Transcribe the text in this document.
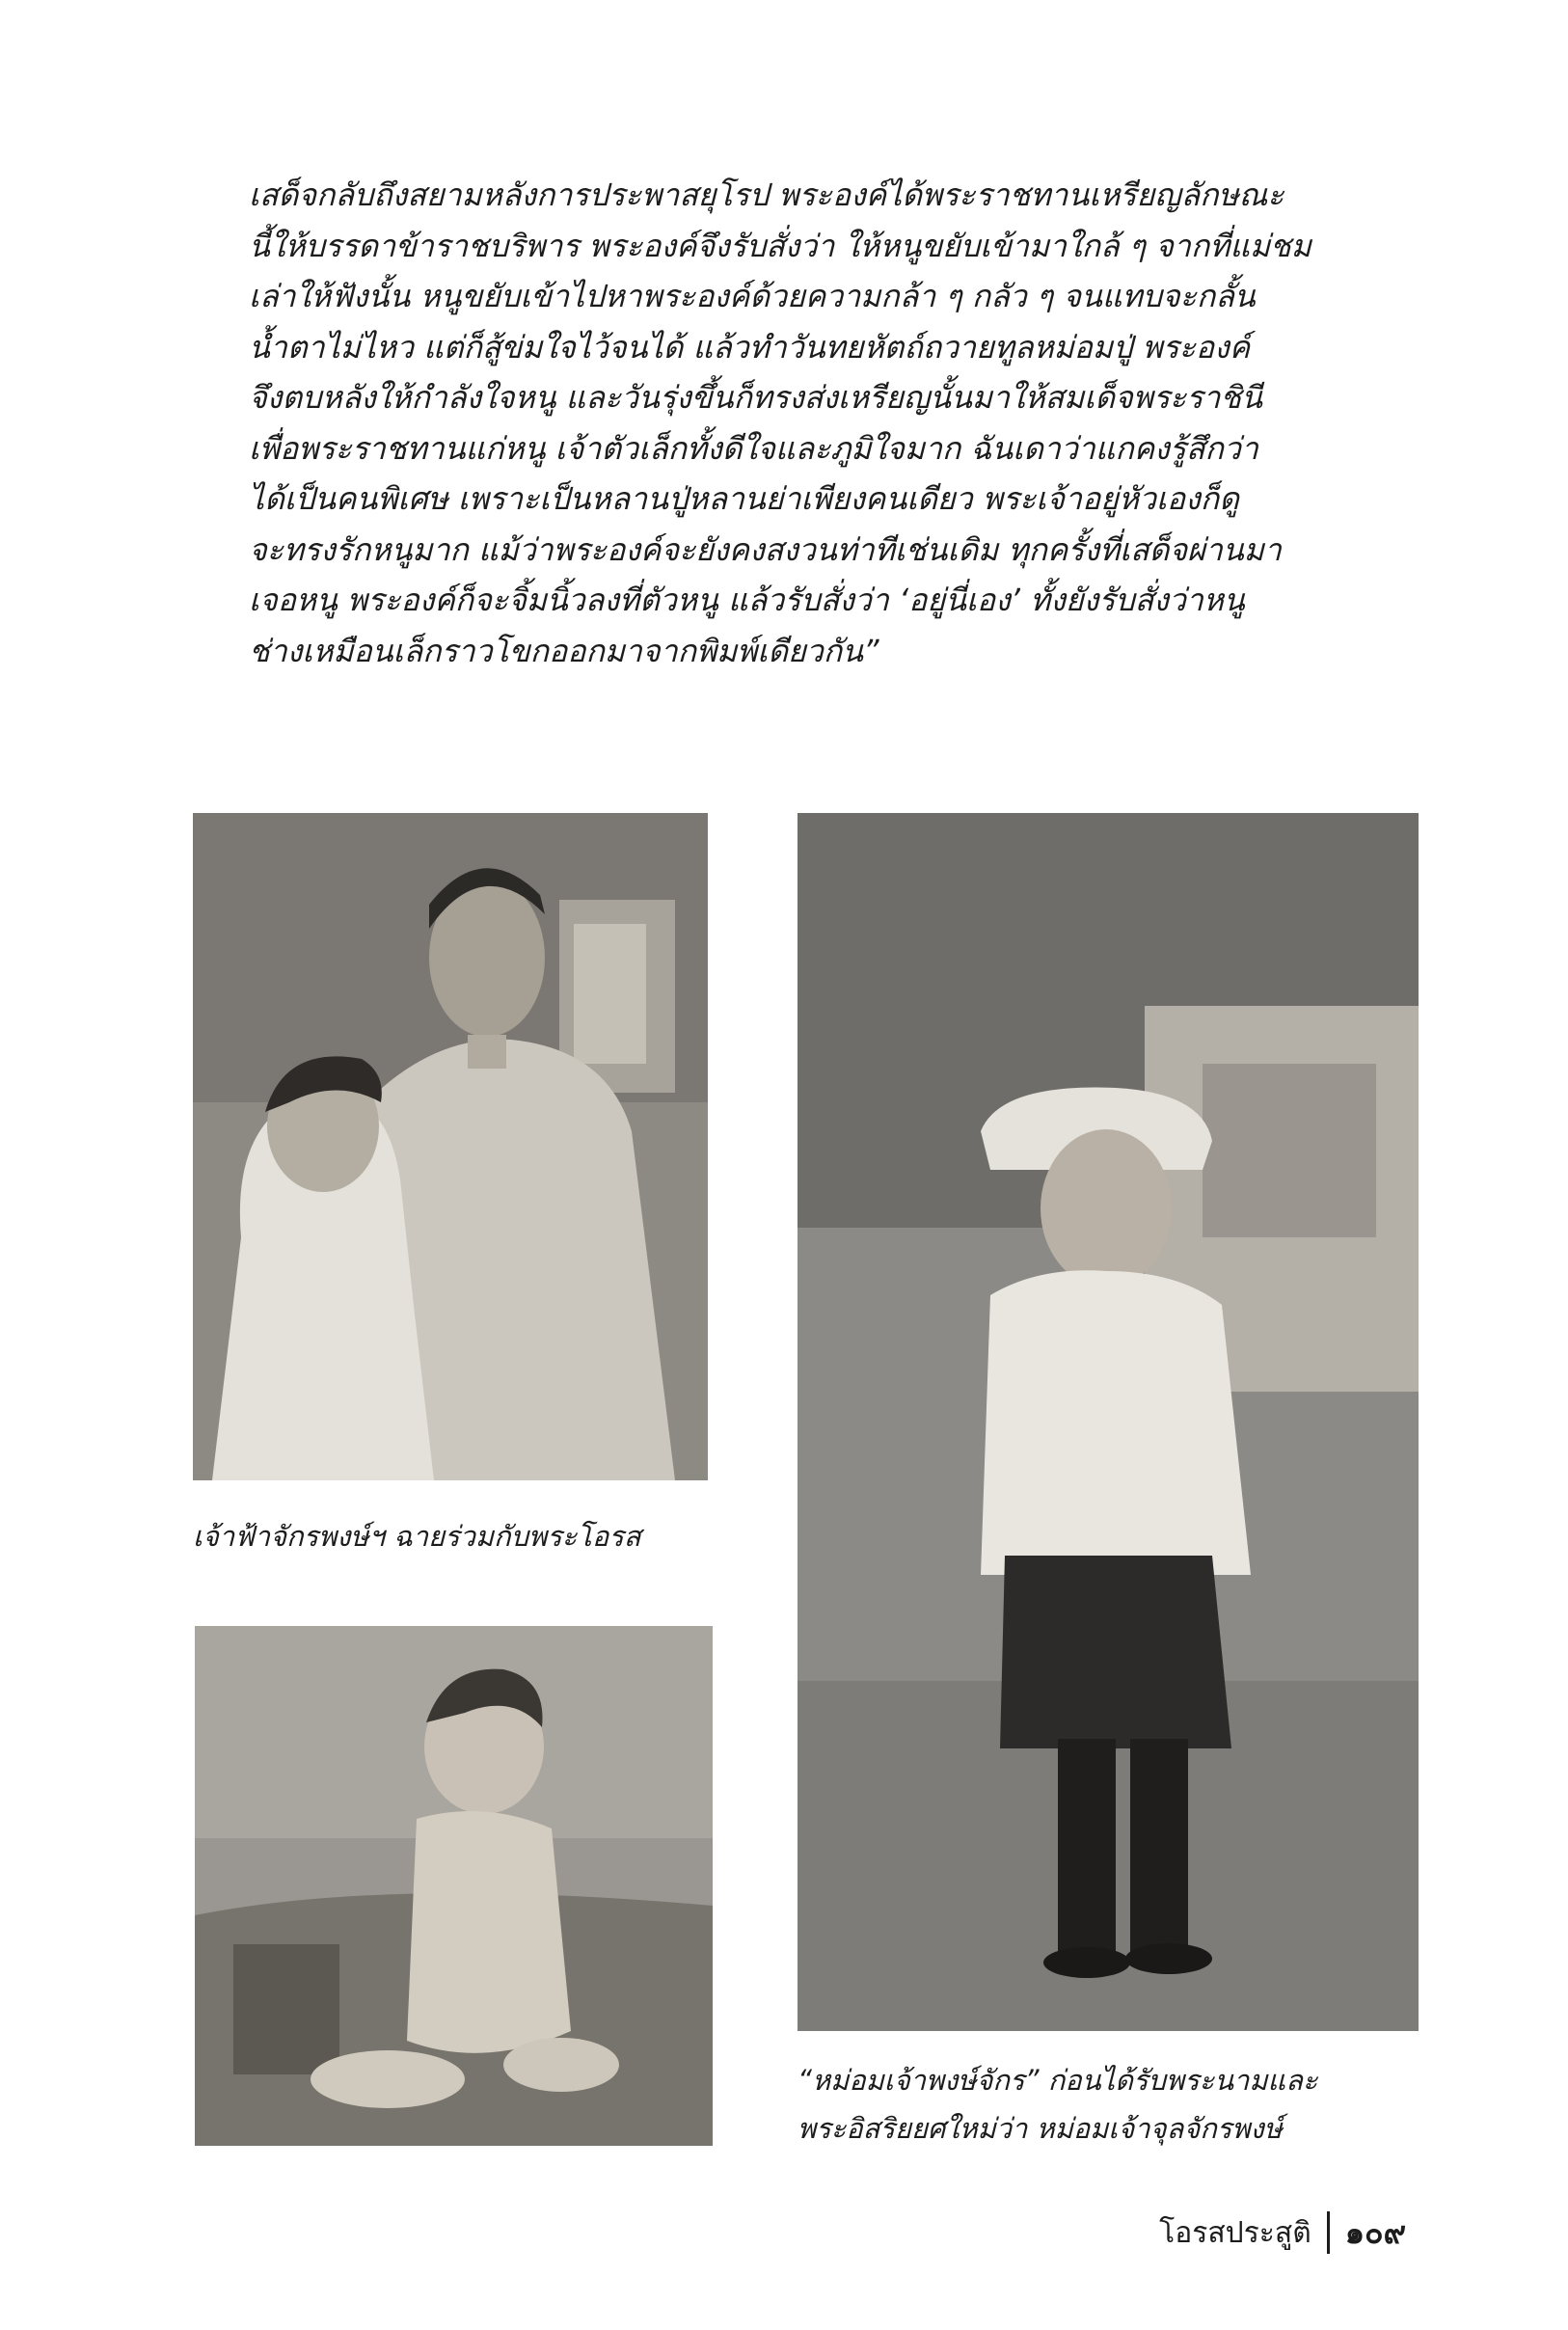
เสด็จกลับถึงสยามหลังการประพาสยุโรป พระองค์ได้พระราชทานเหรียญลักษณะ
นี้ให้บรรดาข้าราชบริพาร พระองค์จึงรับสั่งว่า ให้หนูขยับเข้ามาใกล้ ๆ จากที่แม่ชม
เล่าให้ฟังนั้น หนูขยับเข้าไปหาพระองค์ด้วยความกล้า ๆ กลัว ๆ จนแทบจะกลั้น
น้ำตาไม่ไหว แต่ก็สู้ข่มใจไว้จนได้ แล้วทำวันทยหัตถ์ถวายทูลหม่อมปู่ พระองค์
จึงตบหลังให้กำลังใจหนู และวันรุ่งขึ้นก็ทรงส่งเหรียญนั้นมาให้สมเด็จพระราชินี
เพื่อพระราชทานแก่หนู เจ้าตัวเล็กทั้งดีใจและภูมิใจมาก ฉันเดาว่าแกคงรู้สึกว่า
ได้เป็นคนพิเศษ เพราะเป็นหลานปู่หลานย่าเพียงคนเดียว พระเจ้าอยู่หัวเองก็ดู
จะทรงรักหนูมาก แม้ว่าพระองค์จะยังคงสงวนท่าทีเช่นเดิม ทุกครั้งที่เสด็จผ่านมา
เจอหนู พระองค์ก็จะจิ้มนิ้วลงที่ตัวหนู แล้วรับสั่งว่า ‘อยู่นี่เอง’ ทั้งยังรับสั่งว่าหนู
ช่างเหมือนเล็กราวโขกออกมาจากพิมพ์เดียวกัน”
เจ้าฟ้าจักรพงษ์ฯ ฉายร่วมกับพระโอรส
“หม่อมเจ้าพงษ์จักร” ก่อนได้รับพระนามและ
พระอิสริยยศใหม่ว่า หม่อมเจ้าจุลจักรพงษ์
โอรสประสูติ ๑๐๙
